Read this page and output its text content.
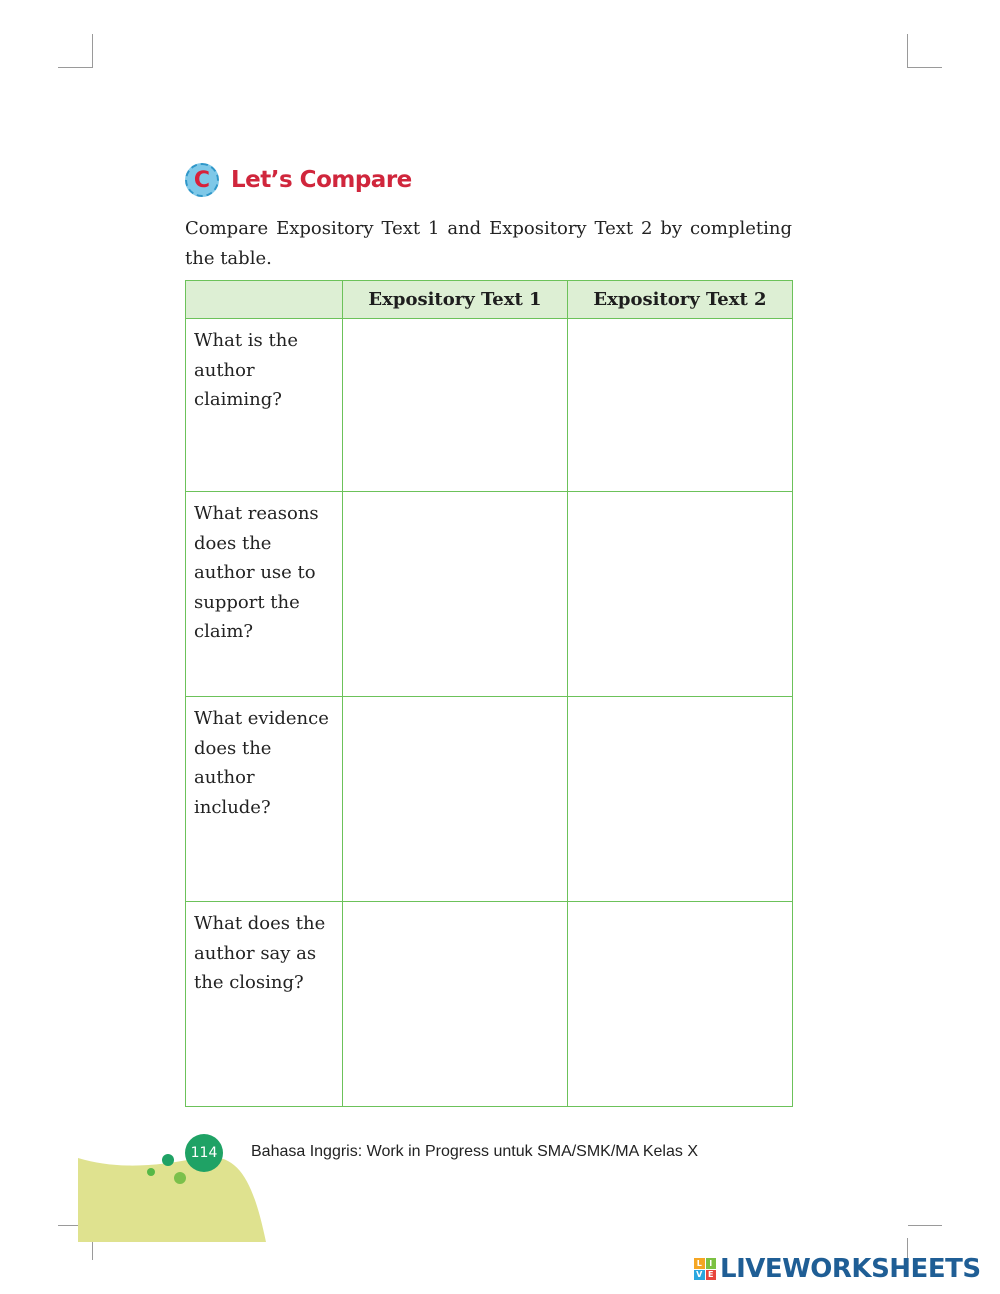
C Let’s Compare
Compare Expository Text 1 and Expository Text 2 by completing the table.
	Expository Text 1	Expository Text 2
What is the author claiming?		
What reasons does the author use to support the claim?		
What evidence does the author include?		
What does the author say as the closing?		
114	Bahasa Inggris: Work in Progress untuk SMA/SMK/MA Kelas X
L I
V E LIVEWORKSHEETS
